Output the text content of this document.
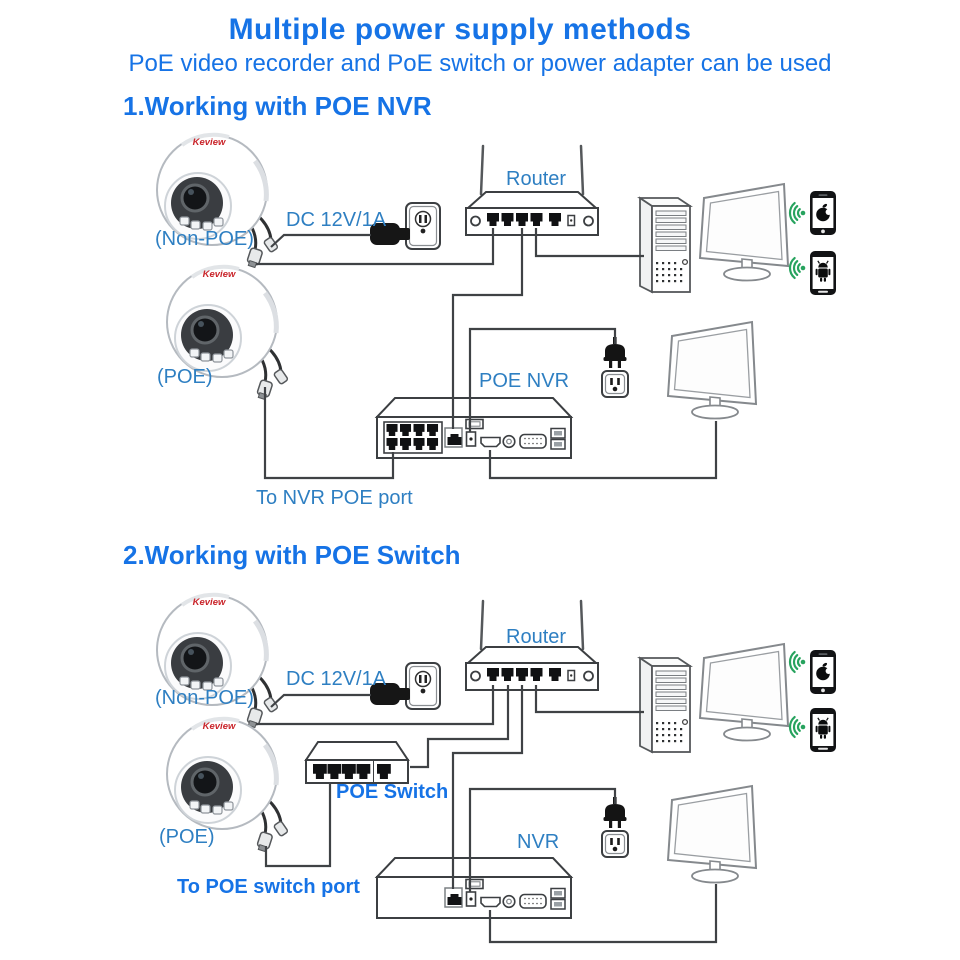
Keview	Multiple power supply methods
PoE video recorder and PoE switch or power adapter can be used
1.Working with POE NVR
(Non-POE)
DC 12V/1A
Router
(POE)	POE NVR
To NVR POE port
2.Working with POE Switch
(Non-POE)
DC 12V/1A
Router
POE Switch
(POE)	NVR
To POE switch port
